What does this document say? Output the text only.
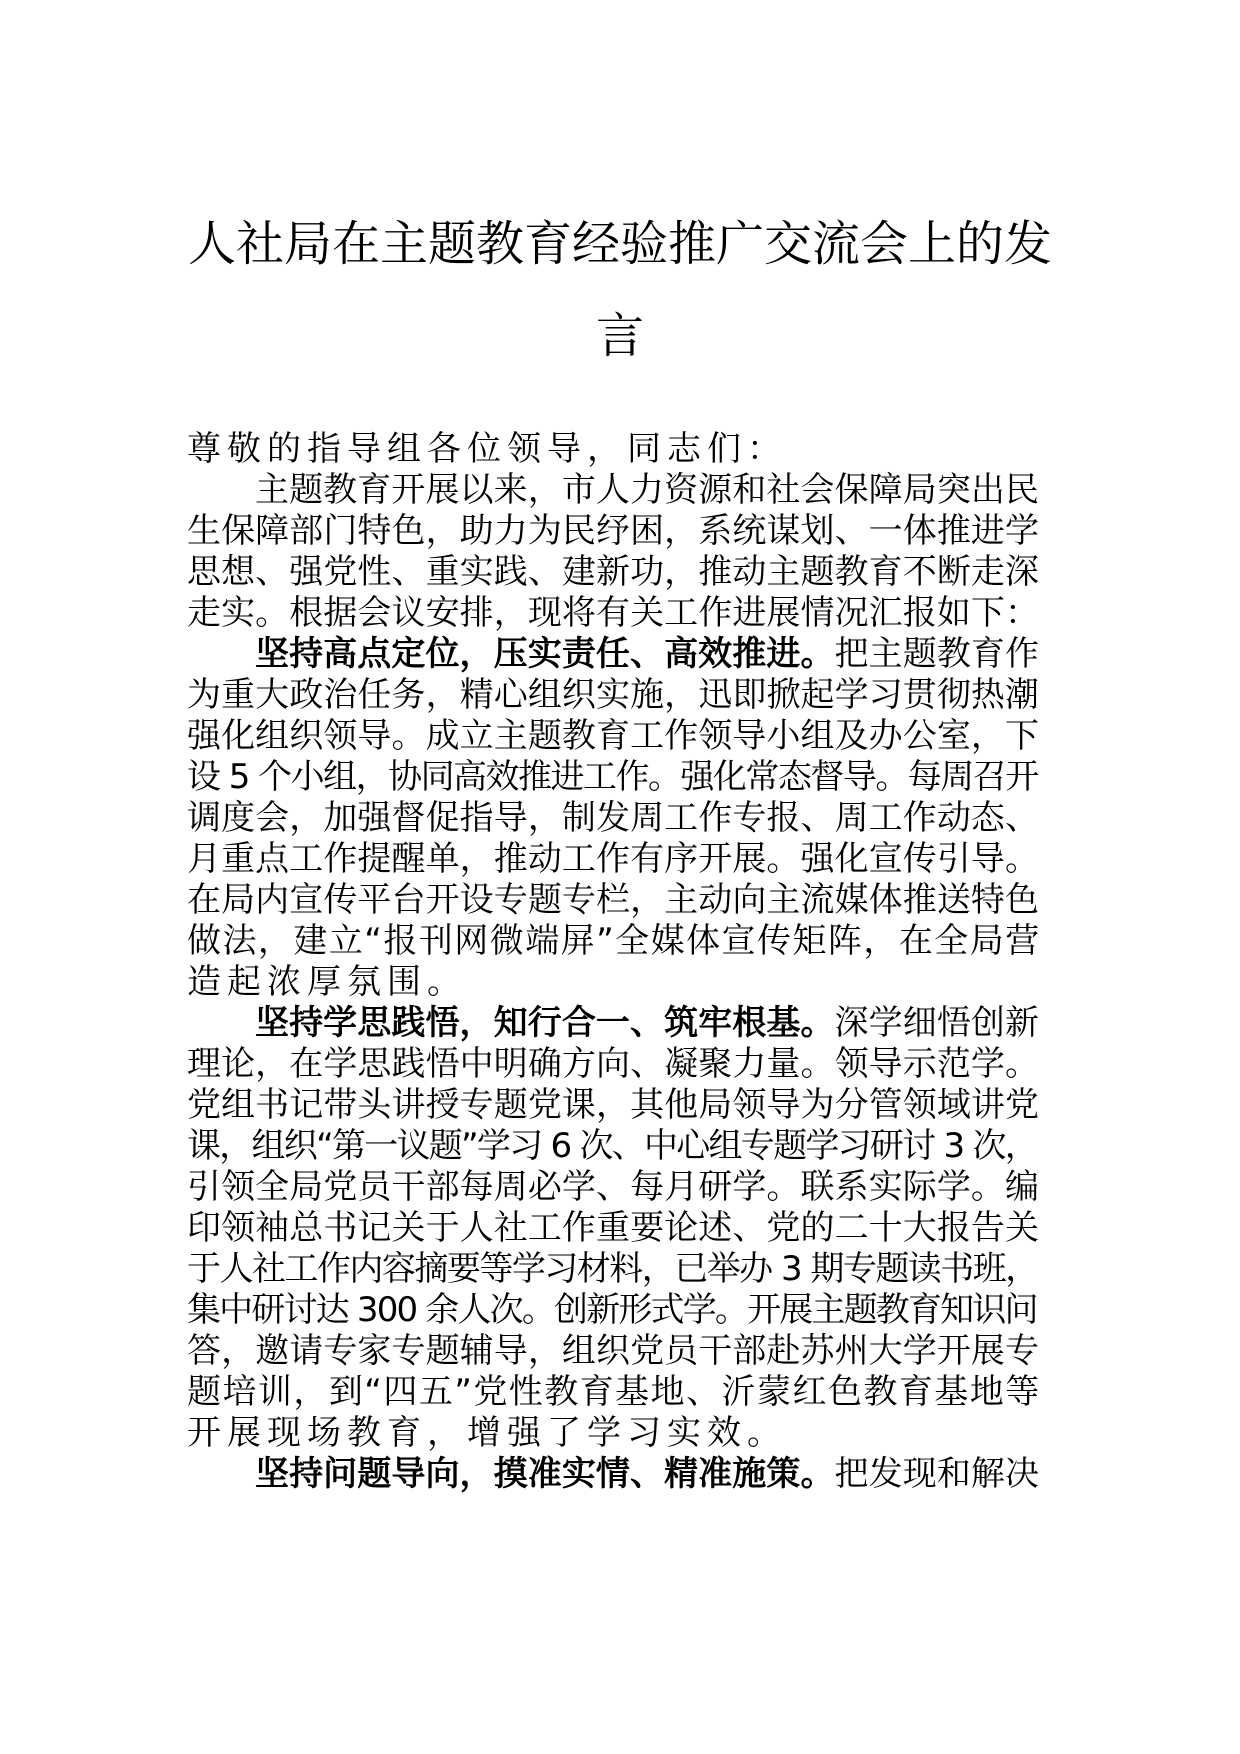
人社局在主题教育经验推广交流会上的发
言
尊敬的指导组各位领导，同志们：
主题教育开展以来，市人力资源和社会保障局突出民
生保障部门特色，助力为民纾困，系统谋划、一体推进学
思想、强党性、重实践、建新功，推动主题教育不断走深
走实。根据会议安排，现将有关工作进展情况汇报如下：
坚持高点定位，压实责任、高效推进。把主题教育作
为重大政治任务，精心组织实施，迅即掀起学习贯彻热潮
强化组织领导。成立主题教育工作领导小组及办公室，下
设 5 个小组，协同高效推进工作。强化常态督导。每周召开
调度会，加强督促指导，制发周工作专报、周工作动态、
月重点工作提醒单，推动工作有序开展。强化宣传引导。
在局内宣传平台开设专题专栏，主动向主流媒体推送特色
做法，建立“报刊网微端屏”全媒体宣传矩阵，在全局营
造起浓厚氛围。
坚持学思践悟，知行合一、筑牢根基。深学细悟创新
理论，在学思践悟中明确方向、凝聚力量。领导示范学。
党组书记带头讲授专题党课，其他局领导为分管领域讲党
课，组织“第一议题”学习 6 次、中心组专题学习研讨 3 次，
引领全局党员干部每周必学、每月研学。联系实际学。编
印领袖总书记关于人社工作重要论述、党的二十大报告关
于人社工作内容摘要等学习材料，已举办 3 期专题读书班，
集中研讨达 300 余人次。创新形式学。开展主题教育知识问
答，邀请专家专题辅导，组织党员干部赴苏州大学开展专
题培训，到“四五”党性教育基地、沂蒙红色教育基地等
开展现场教育，增强了学习实效。
坚持问题导向，摸准实情、精准施策。把发现和解决
